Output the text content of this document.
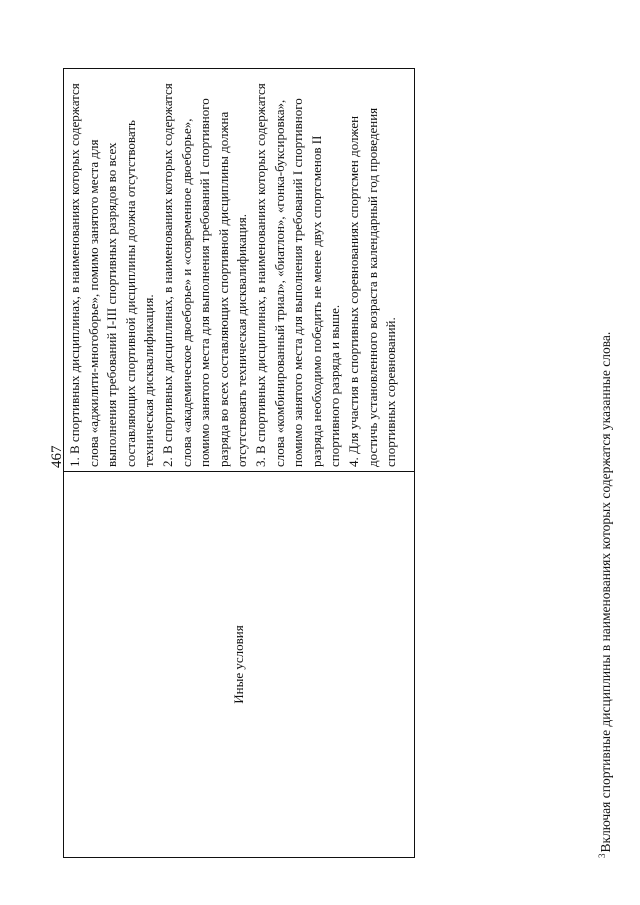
467
Иные условия
1. В спортивных дисциплинах, в наименованиях которых содержатся слова «аджилити-многоборье», помимо занятого места для выполнения требований I-III спортивных разрядов во всех составляющих спортивной дисциплины должна отсутствовать техническая дисквалификация. 2. В спортивных дисциплинах, в наименованиях которых содержатся слова «академическое двоеборье» и «современное двоеборье», помимо занятого места для выполнения требований I спортивного разряда во всех составляющих спортивной дисциплины должна отсутствовать техническая дисквалификация. 3. В спортивных дисциплинах, в наименованиях которых содержатся слова «комбинированный триал», «биатлон», «гонка-буксировка», помимо занятого места для выполнения требований I спортивного разряда необходимо победить не менее двух спортсменов II спортивного разряда и выше. 4. Для участия в спортивных соревнованиях спортсмен должен достичь установленного возраста в календарный год проведения спортивных соревнований.
$^3$Включая спортивные дисциплины в наименованиях которых содержатся указанные слова.
